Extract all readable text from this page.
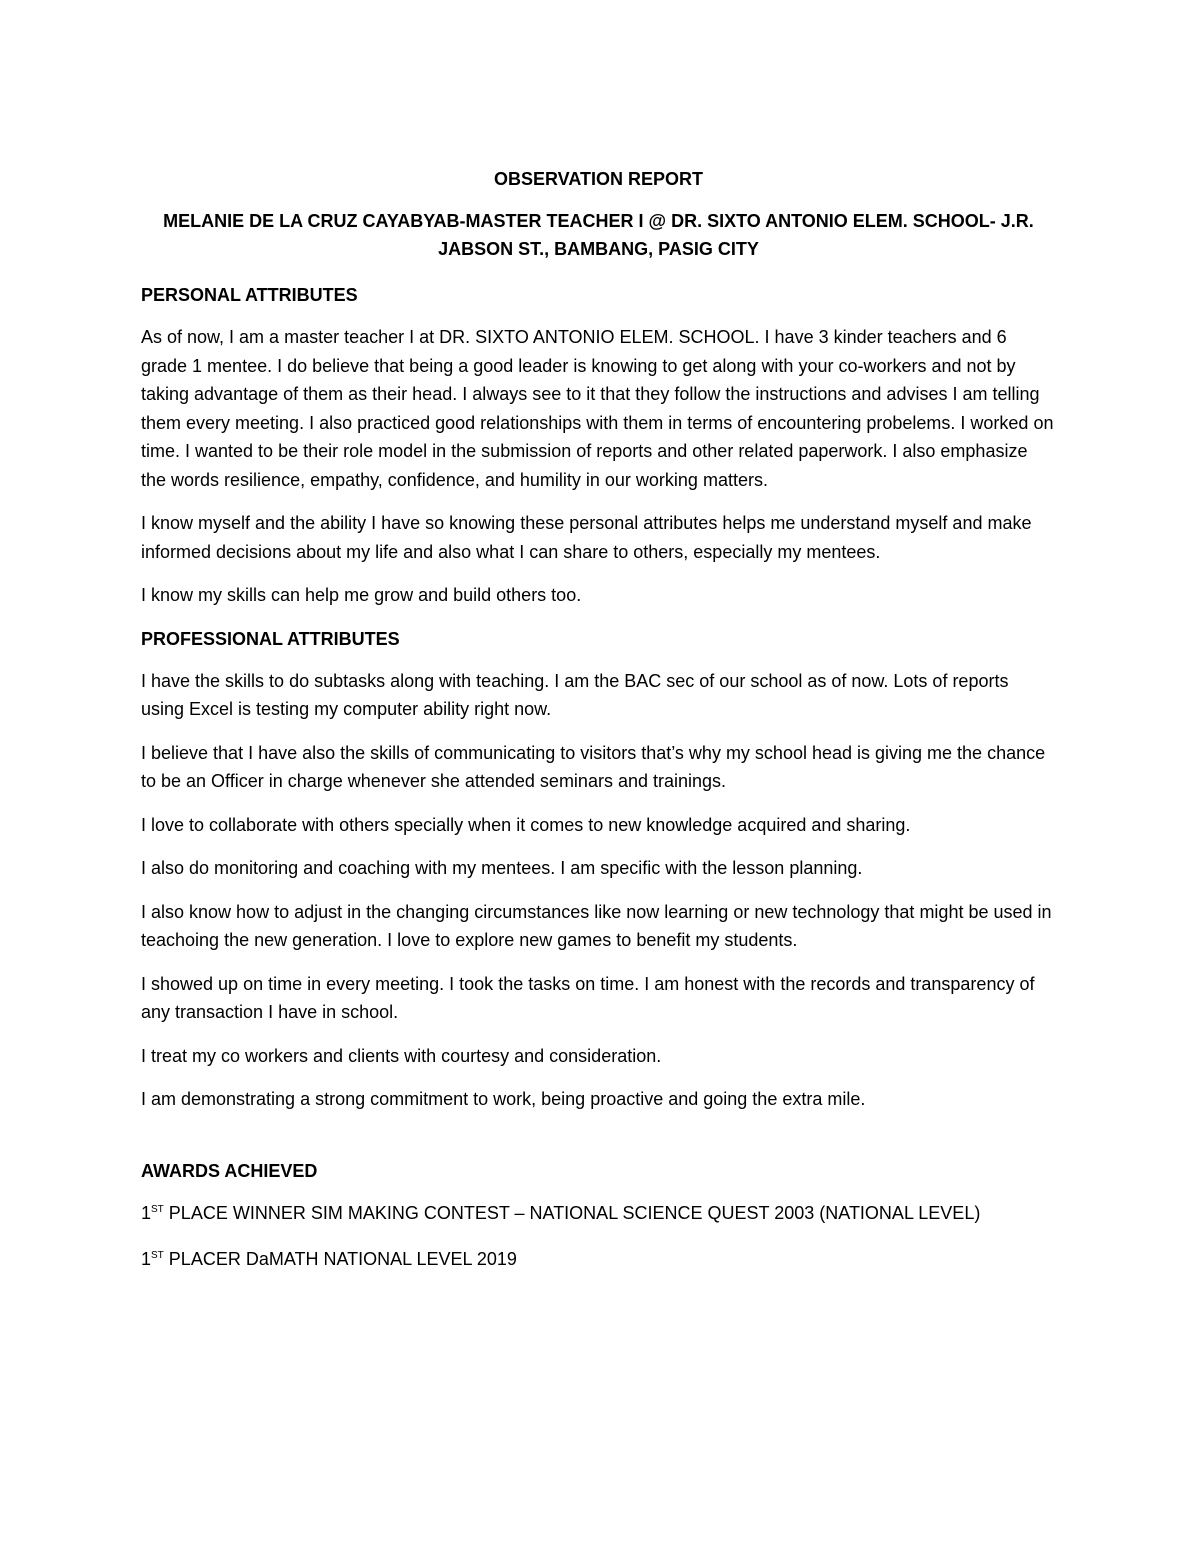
OBSERVATION REPORT
MELANIE DE LA CRUZ CAYABYAB-MASTER TEACHER I @ DR. SIXTO ANTONIO ELEM. SCHOOL- J.R.
JABSON ST., BAMBANG, PASIG CITY
PERSONAL ATTRIBUTES

As of now, I am a master teacher I at DR. SIXTO ANTONIO ELEM. SCHOOL. I have 3 kinder teachers and 6 grade 1 mentee. I do believe that being a good leader is knowing to get along with your co-workers and not by taking advantage of them as their head. I always see to it that they follow the instructions and advises I am telling them every meeting. I also practiced good relationships with them in terms of encountering probelems. I worked on time. I wanted to be their role model in the submission of reports and other related paperwork. I also emphasize the words resilience, empathy, confidence, and humility in our working matters.

I know myself and the ability I have so knowing these personal attributes helps me understand myself and make informed decisions about my life and also what I can share to others, especially my mentees.

I know my skills can help me grow and build others too.

PROFESSIONAL ATTRIBUTES

I have the skills to do subtasks along with teaching. I am the BAC sec of our school as of now. Lots of reports using Excel is testing my computer ability right now.

I believe that I have also the skills of communicating to visitors that’s why my school head is giving me the chance to be an Officer in charge whenever she attended seminars and trainings.

I love to collaborate with others specially when it comes to new knowledge acquired and sharing.

I also do monitoring and coaching with my mentees. I am specific with the lesson planning.

I also know how to adjust in the changing circumstances like now learning or new technology that might be used in teachoing the new generation. I love to explore new games to benefit my students.

I showed up on time in every meeting. I took the tasks on time. I am honest with the records and transparency of any transaction I have in school.

I treat my co workers and clients with courtesy and consideration.

I am demonstrating a strong commitment to work, being proactive and going the extra mile.

AWARDS ACHIEVED
1ST PLACE WINNER SIM MAKING CONTEST – NATIONAL SCIENCE QUEST 2003 (NATIONAL LEVEL)
1ST PLACER DaMATH NATIONAL LEVEL 2019
